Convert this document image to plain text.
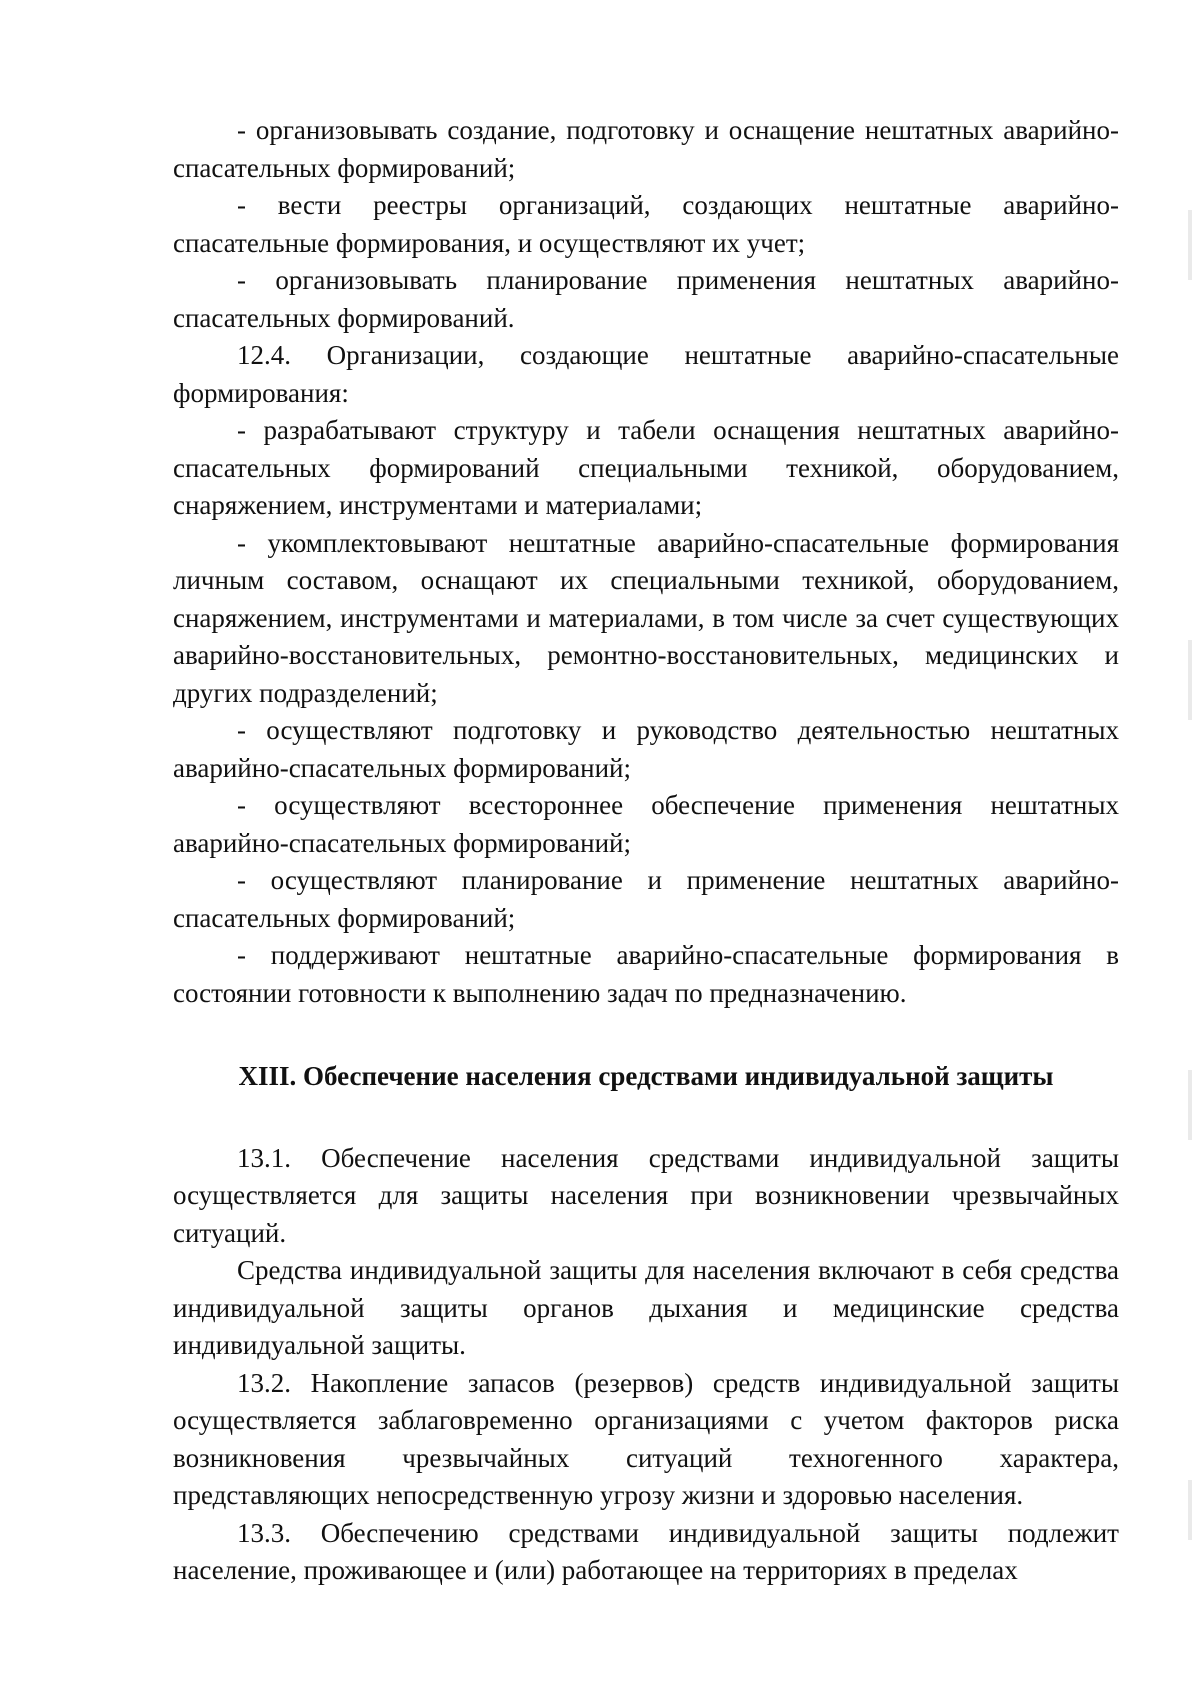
- организовывать создание, подготовку и оснащение нештатных аварийно-спасательных формирований;

- вести реестры организаций, создающих нештатные аварийно-спасательные формирования, и осуществляют их учет;

- организовывать планирование применения нештатных аварийно-спасательных формирований.

12.4. Организации, создающие нештатные аварийно-спасательные формирования:

- разрабатывают структуру и табели оснащения нештатных аварийно-спасательных формирований специальными техникой, оборудованием, снаряжением, инструментами и материалами;

- укомплектовывают нештатные аварийно-спасательные формирования личным составом, оснащают их специальными техникой, оборудованием, снаряжением, инструментами и материалами, в том числе за счет существующих аварийно-восстановительных, ремонтно-восстановительных, медицинских и других подразделений;

- осуществляют подготовку и руководство деятельностью нештатных аварийно-спасательных формирований;

- осуществляют всестороннее обеспечение применения нештатных аварийно-спасательных формирований;

- осуществляют планирование и применение нештатных аварийно-спасательных формирований;

- поддерживают нештатные аварийно-спасательные формирования в состоянии готовности к выполнению задач по предназначению.

XIII. Обеспечение населения средствами индивидуальной защиты

13.1. Обеспечение населения средствами индивидуальной защиты осуществляется для защиты населения при возникновении чрезвычайных ситуаций.

Средства индивидуальной защиты для населения включают в себя средства индивидуальной защиты органов дыхания и медицинские средства индивидуальной защиты.

13.2. Накопление запасов (резервов) средств индивидуальной защиты осуществляется заблаговременно организациями с учетом факторов риска возникновения чрезвычайных ситуаций техногенного характера, представляющих непосредственную угрозу жизни и здоровью населения.

13.3. Обеспечению средствами индивидуальной защиты подлежит население, проживающее и (или) работающее на территориях в пределах
